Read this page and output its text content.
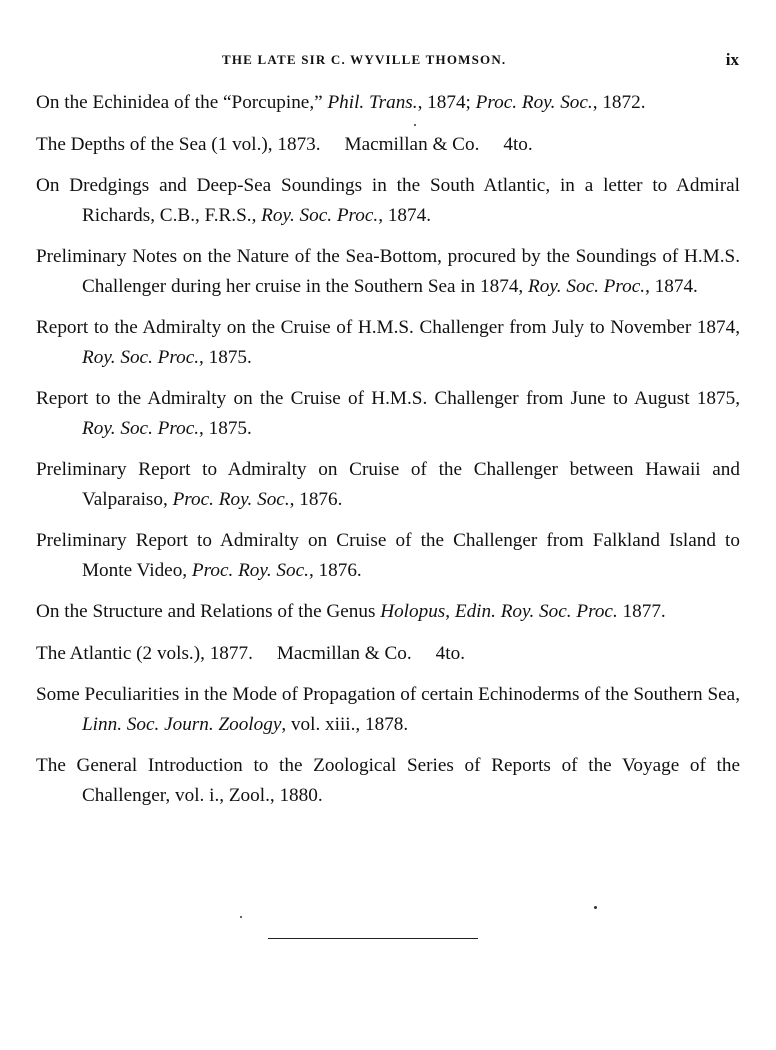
THE LATE SIR C. WYVILLE THOMSON.	ix

On the Echinidea of the “Porcupine,” Phil. Trans., 1874; Proc. Roy. Soc., 1872.

The Depths of the Sea (1 vol.), 1873.  Macmillan & Co.  4to.

On Dredgings and Deep-Sea Soundings in the South Atlantic, in a letter to Admiral Richards, C.B., F.R.S., Roy. Soc. Proc., 1874.

Preliminary Notes on the Nature of the Sea-Bottom, procured by the Soundings of H.M.S. Challenger during her cruise in the Southern Sea in 1874, Roy. Soc. Proc., 1874.

Report to the Admiralty on the Cruise of H.M.S. Challenger from July to November 1874, Roy. Soc. Proc., 1875.

Report to the Admiralty on the Cruise of H.M.S. Challenger from June to August 1875, Roy. Soc. Proc., 1875.

Preliminary Report to Admiralty on Cruise of the Challenger between Hawaii and Valparaiso, Proc. Roy. Soc., 1876.

Preliminary Report to Admiralty on Cruise of the Challenger from Falkland Island to Monte Video, Proc. Roy. Soc., 1876.

On the Structure and Relations of the Genus Holopus, Edin. Roy. Soc. Proc. 1877.

The Atlantic (2 vols.), 1877.  Macmillan & Co.  4to.

Some Peculiarities in the Mode of Propagation of certain Echinoderms of the Southern Sea, Linn. Soc. Journ. Zoology, vol. xiii., 1878.

The General Introduction to the Zoological Series of Reports of the Voyage of the Challenger, vol. i., Zool., 1880.
